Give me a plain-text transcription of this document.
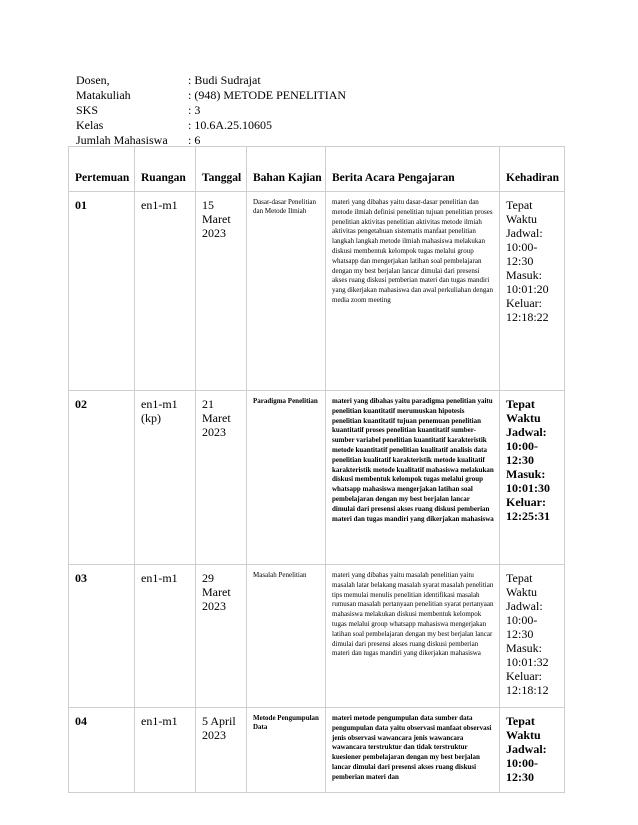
Dosen,	: Budi Sudrajat
Matakuliah	: (948) METODE PENELITIAN
SKS	: 3
Kelas	: 10.6A.25.10605
Jumlah Mahasiswa	: 6
Pertemuan	Ruangan	Tanggal	Bahan Kajian	Berita Acara Pengajaran	Kehadiran
01	en1-m1	15 Maret 2023	Dasar-dasar Penelitian dan Metode Ilmiah	materi yang dibahas yaitu dasar-dasar penelitian dan metode ilmiah definisi penelitian tujuan penelitian proses penelitian aktivitas penelitian aktivitas metode ilmiah aktivitas pengetahuan sistematis manfaat penelitian langkah langkah metode ilmiah mahasiswa melakukan diskusi membentuk kelompok tugas melalui group whatsapp dan mengerjakan latihan soal pembelajaran dengan my best berjalan lancar dimulai dari presensi akses ruang diskusi pemberian materi dan tugas mandiri yang dikerjakan mahasiswa dan awal perkuliahan dengan media zoom meeting	Tepat Waktu Jadwal: 10:00-12:30 Masuk: 10:01:20 Keluar: 12:18:22
02	en1-m1 (kp)	21 Maret 2023	Paradigma Penelitian	materi yang dibahas yaitu paradigma penelitian yaitu penelitian kuantitatif merumuskan hipotesis penelitian kuantitatif tujuan penemuan penelitian kuantitatif proses penelitian kuantitatif sumber-sumber variabel penelitian kuantitatif karakteristik metode kuantitatif penelitian kualitatif analisis data penelitian kualitatif karakteristik metode kualitatif karakteristik metode kualitatif mahasiswa melakukan diskusi membentuk kelompok tugas melalui group whatsapp mahasiswa mengerjakan latihan soal pembelajaran dengan my best berjalan lancar dimulai dari presensi akses ruang diskusi pemberian materi dan tugas mandiri yang dikerjakan mahasiswa	Tepat Waktu Jadwal: 10:00-12:30 Masuk: 10:01:30 Keluar: 12:25:31
03	en1-m1	29 Maret 2023	Masalah Penelitian	materi yang dibahas yaitu masalah penelitian yaitu masalah latar belakang masalah syarat masalah penelitian tips memulai menulis penelitian identifikasi masalah rumusan masalah pertanyaan penelitian syarat pertanyaan mahasiswa melakukan diskusi membentuk kelompok tugas melalui group whatsapp mahasiswa mengerjakan latihan soal pembelajaran dengan my best berjalan lancar dimulai dari presensi akses ruang diskusi pemberian materi dan tugas mandiri yang dikerjakan mahasiswa	Tepat Waktu Jadwal: 10:00-12:30 Masuk: 10:01:32 Keluar: 12:18:12
04	en1-m1	5 April 2023	Metode Pengumpulan Data	materi metode pengumpulan data sumber data pengumpulan data yaitu observasi manfaat observasi jenis observasi wawancara jenis wawancara wawancara terstruktur dan tidak terstruktur kuesioner pembelajaran dengan my best berjalan lancar dimulai dari presensi akses ruang diskusi pemberian materi dan	Tepat Waktu Jadwal: 10:00-12:30
